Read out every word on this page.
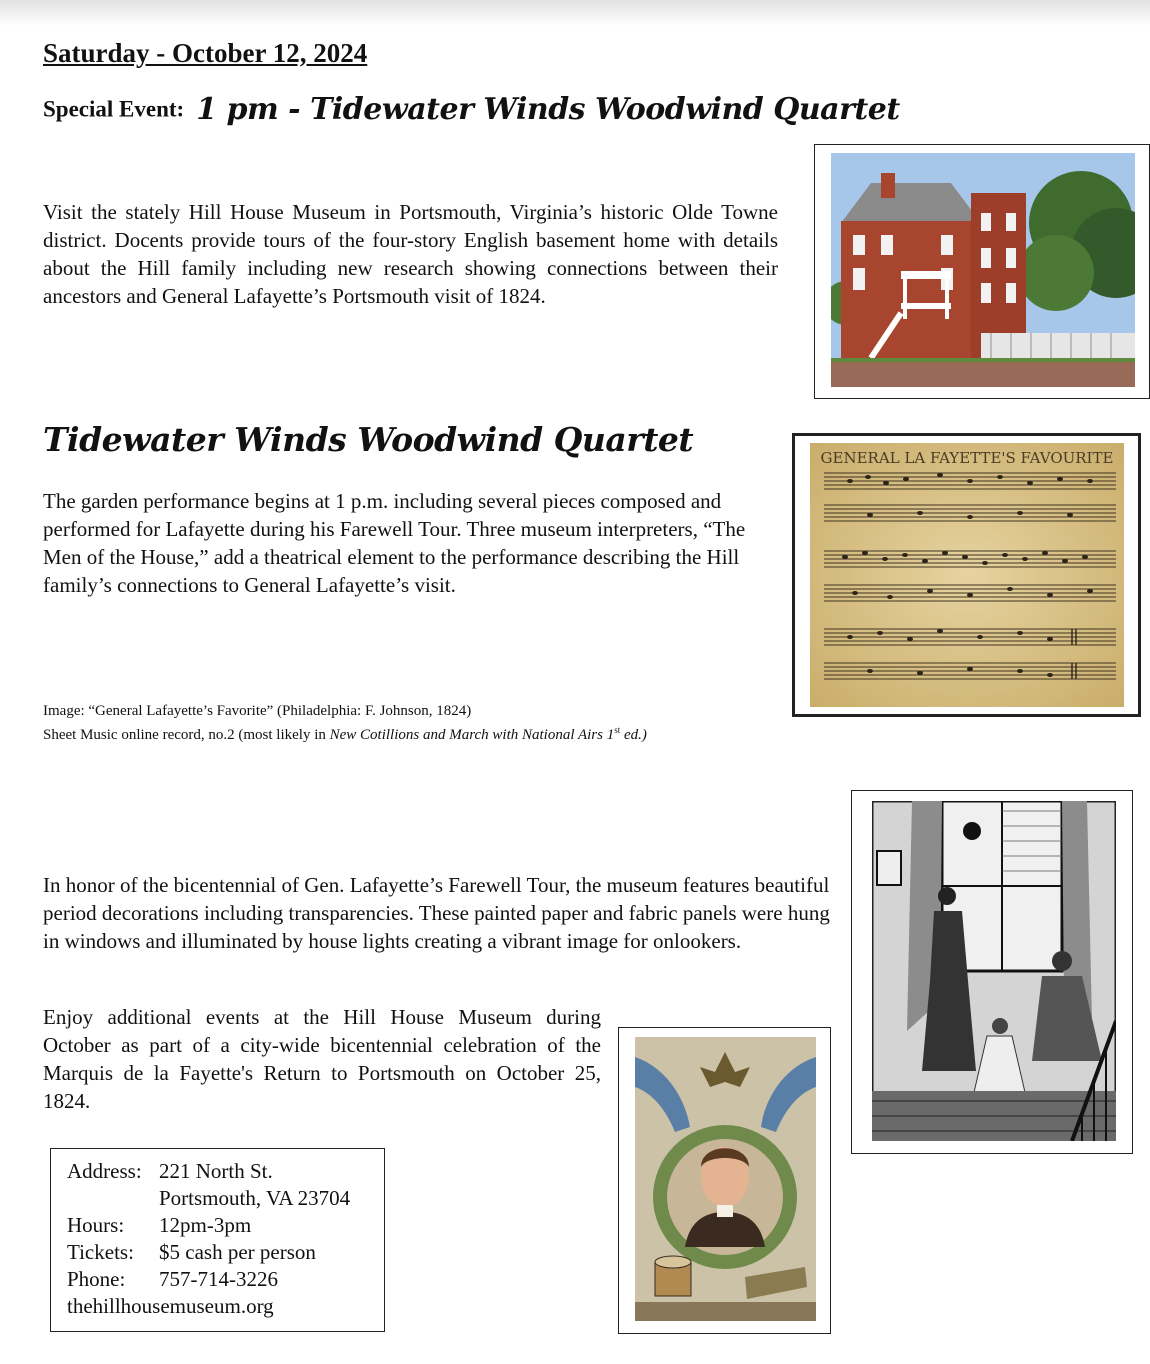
Saturday - October 12, 2024
Special Event: 1 pm - Tidewater Winds Woodwind Quartet

Visit the stately Hill House Museum in Portsmouth, Virginia’s historic Olde Towne district. Docents provide tours of the four-story English basement home with details about the Hill family including new research showing connections between their ancestors and General Lafayette’s Portsmouth visit of 1824.

Tidewater Winds Woodwind Quartet

The garden performance begins at 1 p.m. including several pieces composed and performed for Lafayette during his Farewell Tour. Three museum interpreters, “The Men of the House,” add a theatrical element to the performance describing the Hill family’s connections to General Lafayette’s visit.

Image: “General Lafayette’s Favorite” (Philadelphia: F. Johnson, 1824)
Sheet Music online record, no.2 (most likely in New Cotillions and March with National Airs 1st ed.)

In honor of the bicentennial of Gen. Lafayette’s Farewell Tour, the museum features beautiful period decorations including transparencies. These painted paper and fabric panels were hung in windows and illuminated by house lights creating a vibrant image for onlookers.

Enjoy additional events at the Hill House Museum during October as part of a city-wide bicentennial celebration of the Marquis de la Fayette's Return to Portsmouth on October 25, 1824.

Address: 221 North St.
Portsmouth, VA 23704
Hours: 12pm-3pm
Tickets: $5 cash per person
Phone: 757-714-3226
thehillhousemuseum.org
GENERAL LA FAYETTE'S FAVOURITE
